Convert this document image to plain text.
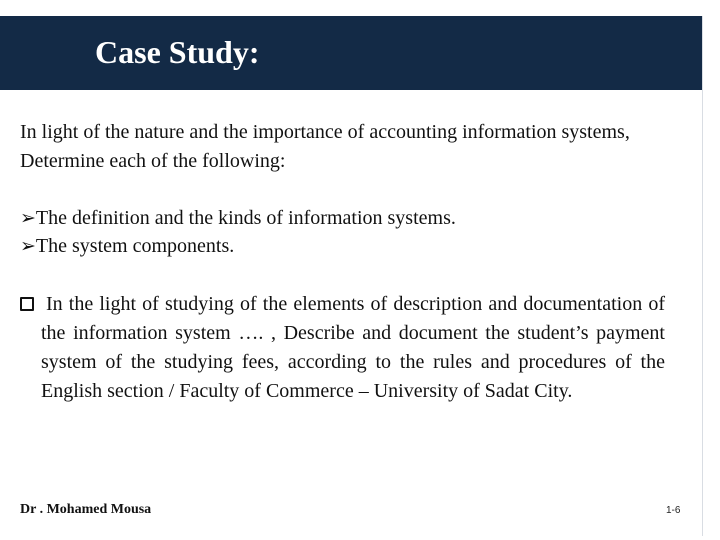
Case Study:
In light of the nature and the importance of accounting information systems, Determine each of the following:
➢The definition and the kinds of information systems.
➢The system components.
In the light of studying of the elements of description and documentation of the information system …. , Describe and document the student’s payment system of the studying fees, according to the rules and procedures of the English section / Faculty of Commerce – University of Sadat City.
Dr . Mohamed Mousa	1-6
